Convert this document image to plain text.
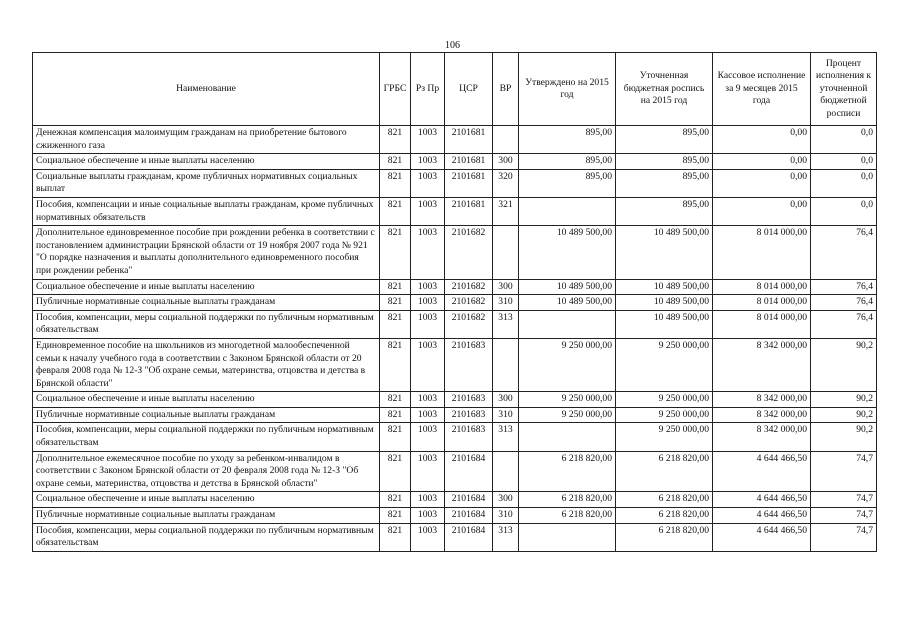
106
Наименование	ГРБС	Рз Пр	ЦСР	ВР	Утверждено на 2015 год	Уточненная бюджетная роспись на 2015 год	Кассовое исполнение за 9 месяцев 2015 года	Процент исполнения к уточненной бюджетной росписи
Денежная компенсация малоимущим гражданам на приобретение бытового сжиженного газа	821	1003	2101681		895,00	895,00	0,00	0,0
Социальное обеспечение и иные выплаты населению	821	1003	2101681	300	895,00	895,00	0,00	0,0
Социальные выплаты гражданам, кроме публичных нормативных социальных выплат	821	1003	2101681	320	895,00	895,00	0,00	0,0
Пособия, компенсации и иные социальные выплаты гражданам, кроме публичных нормативных обязательств	821	1003	2101681	321		895,00	0,00	0,0
Дополнительное единовременное пособие при рождении ребенка в соответствии с постановлением администрации Брянской области от 19 ноября 2007 года № 921 "О порядке назначения и выплаты дополнительного единовременного пособия при рождении ребенка"	821	1003	2101682		10 489 500,00	10 489 500,00	8 014 000,00	76,4
Социальное обеспечение и иные выплаты населению	821	1003	2101682	300	10 489 500,00	10 489 500,00	8 014 000,00	76,4
Публичные нормативные социальные выплаты гражданам	821	1003	2101682	310	10 489 500,00	10 489 500,00	8 014 000,00	76,4
Пособия, компенсации, меры социальной поддержки по публичным нормативным обязательствам	821	1003	2101682	313		10 489 500,00	8 014 000,00	76,4
Единовременное пособие на школьников из многодетной малообеспеченной семьи к началу учебного года в соответствии с Законом Брянской области от 20 февраля 2008 года № 12-З "Об охране семьи, материнства, отцовства и детства в Брянской области"	821	1003	2101683		9 250 000,00	9 250 000,00	8 342 000,00	90,2
Социальное обеспечение и иные выплаты населению	821	1003	2101683	300	9 250 000,00	9 250 000,00	8 342 000,00	90,2
Публичные нормативные социальные выплаты гражданам	821	1003	2101683	310	9 250 000,00	9 250 000,00	8 342 000,00	90,2
Пособия, компенсации, меры социальной поддержки по публичным нормативным обязательствам	821	1003	2101683	313		9 250 000,00	8 342 000,00	90,2
Дополнительное ежемесячное пособие по уходу за ребенком-инвалидом в соответствии с Законом Брянской области от 20 февраля 2008 года № 12-З "Об охране семьи, материнства, отцовства и детства в Брянской области"	821	1003	2101684		6 218 820,00	6 218 820,00	4 644 466,50	74,7
Социальное обеспечение и иные выплаты населению	821	1003	2101684	300	6 218 820,00	6 218 820,00	4 644 466,50	74,7
Публичные нормативные социальные выплаты гражданам	821	1003	2101684	310	6 218 820,00	6 218 820,00	4 644 466,50	74,7
Пособия, компенсации, меры социальной поддержки по публичным нормативным обязательствам	821	1003	2101684	313		6 218 820,00	4 644 466,50	74,7
